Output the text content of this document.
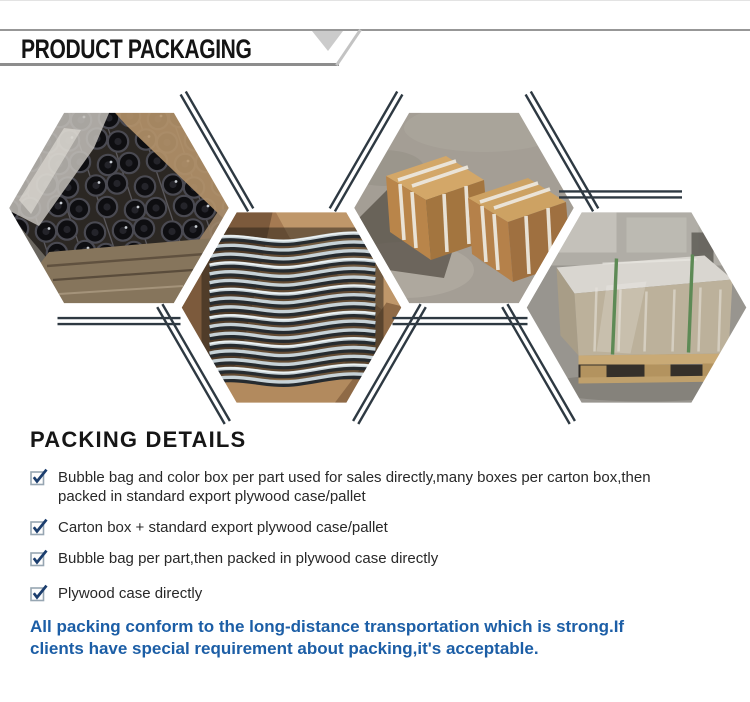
PRODUCT PACKAGING
PACKING DETAILS
Bubble bag and color box per part used for sales directly,many boxes per carton box,then packed in standard export plywood case/pallet
Carton box + standard export plywood case/pallet
Bubble bag per part,then packed in plywood case directly
Plywood case directly

All packing conform to the long-distance transportation which is strong.If clients have special requirement about packing,it's acceptable.
